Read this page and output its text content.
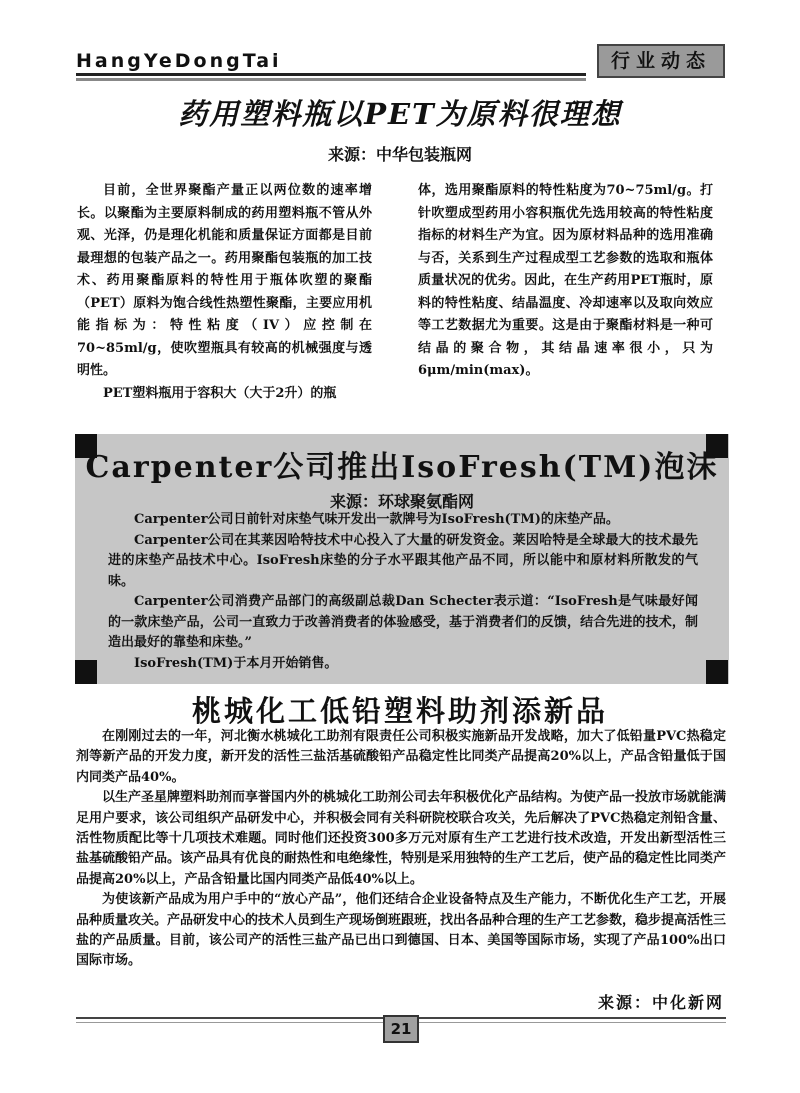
HangYeDongTai	行业动态
药用塑料瓶以PET为原料很理想
来源：中华包装瓶网

目前，全世界聚酯产量正以两位数的速率增长。以聚酯为主要原料制成的药用塑料瓶不管从外观、光泽，仍是理化机能和质量保证方面都是目前最理想的包装产品之一。药用聚酯包装瓶的加工技术、药用聚酯原料的特性用于瓶体吹塑的聚酯（PET）原料为饱合线性热塑性聚酯，主要应用机能指标为：特性粘度（IV）应控制在70~85ml/g，使吹塑瓶具有较高的机械强度与透明性。

PET塑料瓶用于容积大（大于2升）的瓶

体，选用聚酯原料的特性粘度为70~75ml/g。打针吹塑成型药用小容积瓶优先选用较高的特性粘度指标的材料生产为宜。因为原材料品种的选用准确与否，关系到生产过程成型工艺参数的选取和瓶体质量状况的优劣。因此，在生产药用PET瓶时，原料的特性粘度、结晶温度、冷却速率以及取向效应等工艺数据尤为重要。这是由于聚酯材料是一种可结晶的聚合物，其结晶速率很小，只为6μm/min(max)。

Carpenter公司推出IsoFresh(TM)泡沫
来源：环球聚氨酯网

Carpenter公司日前针对床垫气味开发出一款牌号为IsoFresh(TM)的床垫产品。

Carpenter公司在其莱因哈特技术中心投入了大量的研发资金。莱因哈特是全球最大的技术最先进的床垫产品技术中心。IsoFresh床垫的分子水平跟其他产品不同，所以能中和原材料所散发的气味。

Carpenter公司消费产品部门的高级副总裁Dan Schecter表示道：“IsoFresh是气味最好闻的一款床垫产品，公司一直致力于改善消费者的体验感受，基于消费者们的反馈，结合先进的技术，制造出最好的靠垫和床垫。”

IsoFresh(TM)于本月开始销售。

桃城化工低铅塑料助剂添新品

在刚刚过去的一年，河北衡水桃城化工助剂有限责任公司积极实施新品开发战略，加大了低铅量PVC热稳定剂等新产品的开发力度，新开发的活性三盐活基硫酸铅产品稳定性比同类产品提高20%以上，产品含铅量低于国内同类产品40%。

以生产圣星牌塑料助剂而享誉国内外的桃城化工助剂公司去年积极优化产品结构。为使产品一投放市场就能满足用户要求，该公司组织产品研发中心，并积极会同有关科研院校联合攻关，先后解决了PVC热稳定剂铅含量、活性物质配比等十几项技术难题。同时他们还投资300多万元对原有生产工艺进行技术改造，开发出新型活性三盐基硫酸铅产品。该产品具有优良的耐热性和电绝缘性，特别是采用独特的生产工艺后，使产品的稳定性比同类产品提高20%以上，产品含铅量比国内同类产品低40%以上。

为使该新产品成为用户手中的“放心产品”，他们还结合企业设备特点及生产能力，不断优化生产工艺，开展品种质量攻关。产品研发中心的技术人员到生产现场倒班跟班，找出各品种合理的生产工艺参数，稳步提高活性三盐的产品质量。目前，该公司产的活性三盐产品已出口到德国、日本、美国等国际市场，实现了产品100%出口国际市场。

来源：中化新网
21
